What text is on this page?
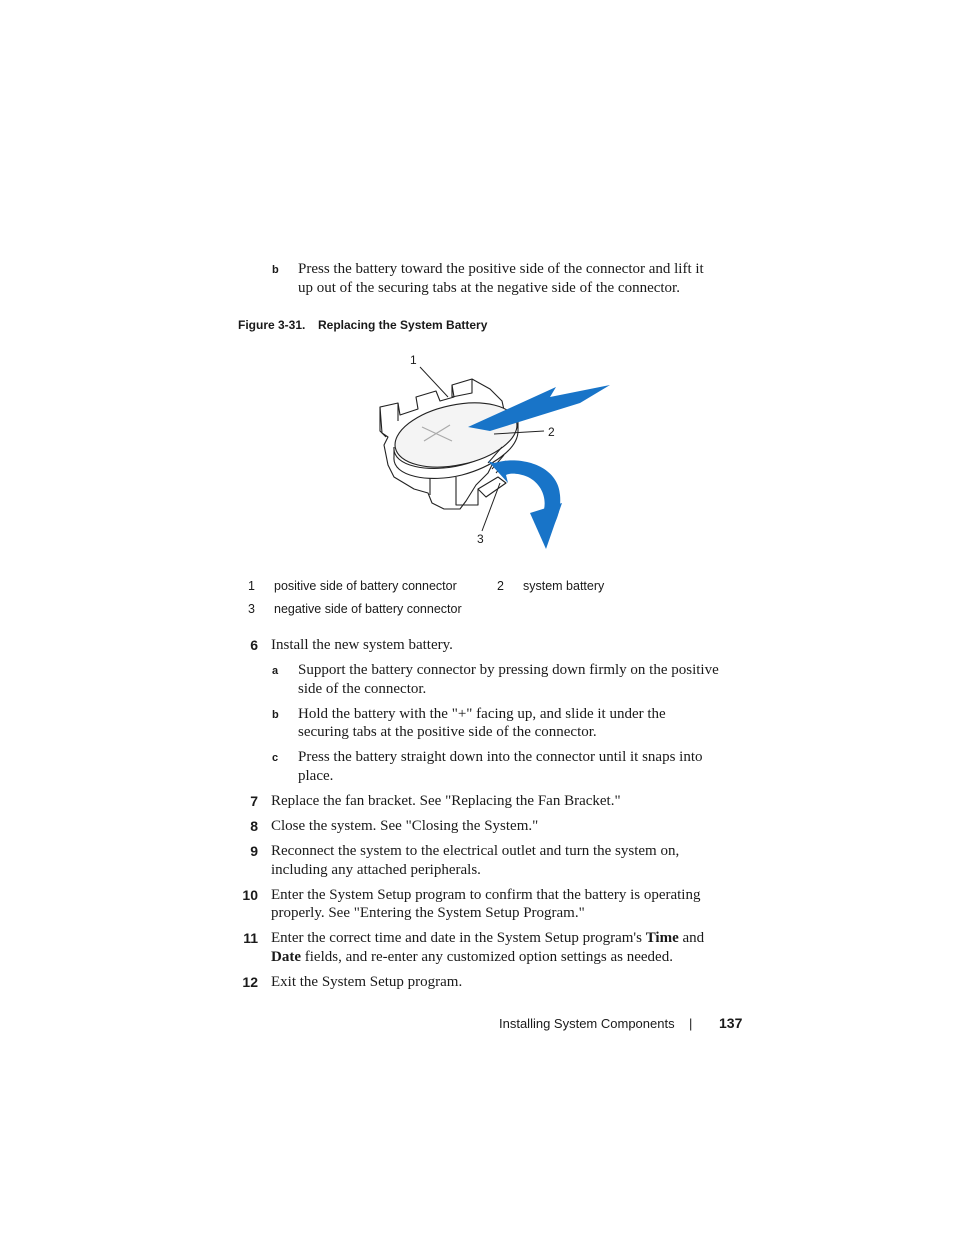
b Press the battery toward the positive side of the connector and lift it
up out of the securing tabs at the negative side of the connector.
Figure 3-31. Replacing the System Battery
1
2
3
1 positive side of battery connector	2 system battery
3 negative side of battery connector
6 Install the new system battery.
a Support the battery connector by pressing down firmly on the positive
side of the connector.
b Hold the battery with the "+" facing up, and slide it under the
securing tabs at the positive side of the connector.
c Press the battery straight down into the connector until it snaps into
place.
7 Replace the fan bracket. See "Replacing the Fan Bracket."
8 Close the system. See "Closing the System."
9 Reconnect the system to the electrical outlet and turn the system on,
including any attached peripherals.
10 Enter the System Setup program to confirm that the battery is operating
properly. See "Entering the System Setup Program."
11 Enter the correct time and date in the System Setup program's Time and
Date fields, and re-enter any customized option settings as needed.
12 Exit the System Setup program.
Installing System Components | 137
